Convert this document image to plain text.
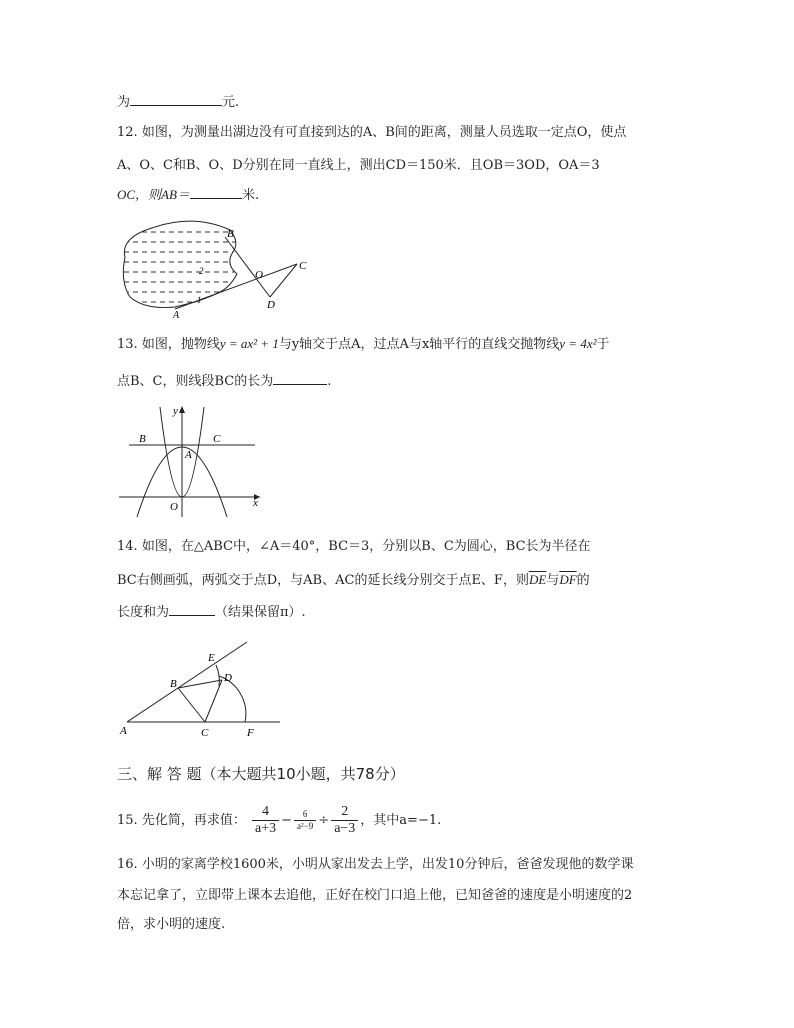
为	元.
12. 如图，为测量出湖边没有可直接到达的A、B间的距离，测量人员选取一定点O，使点
A、O、C和B、O、D分别在同一直线上，测出CD＝150米．且OB＝3OD，OA＝3
OC，则AB＝	米.
B
O
C
D
A
1
2
13. 如图，抛物线y = ax² + 1与y轴交于点A，过点A与x轴平行的直线交抛物线y = 4x²于
点B、C，则线段BC的长为	.
y
x
B	C
A
O
14. 如图，在△ABC中，∠A＝40°，BC＝3，分别以B、C为圆心，BC长为半径在
BC右侧画弧，两弧交于点D，与AB、AC的延长线分别交于点E、F，则$\overline{DE}$与$\overline{DF}$的
长度和为	（结果保留π）.
E
B	D
A	C	F
三、解 答 题（本大题共10小题，共78分）
15. 先化简，再求值： $\frac{4}{a+3} - \frac{6}{\text{a²−9}} \div \frac{2}{a-3}$ ，其中a=−1.
16. 小明的家离学校1600米，小明从家出发去上学，出发10分钟后，爸爸发现他的数学课
本忘记拿了，立即带上课本去追他，正好在校门口追上他，已知爸爸的速度是小明速度的2
倍，求小明的速度.
